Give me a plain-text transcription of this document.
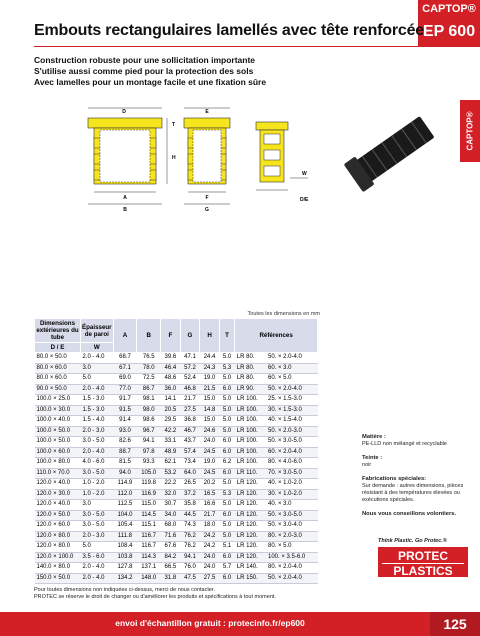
CAPTOP®
EP 600
Embouts rectangulaires lamellés avec tête renforcée
Construction robuste pour une sollicitation importante
S'utilise aussi comme pied pour la protection des sols
Avec lamelles pour un montage facile et une fixation sûre
CAPTOP®
D
T
H
A
B
E
F
G
W
D/E
Toutes les dimensions en mm
Dimensions extérieures du tube	Épaisseur de paroi	A	B	F	G	H	T	Références	
D / E	W								
80.0 × 50.0	2.0 - 4.0	68.7	76.5	39.6	47.1	24.4	5.0	LR 80.	50. × 2.0-4.0
80.0 × 60.0	3.0	67.1	78.0	46.4	57.2	24.3	5.3	LR 80.	60. × 3.0
80.0 × 60.0	5.0	69.0	72.5	48.6	52.4	19.0	5.0	LR 80.	60. × 5.0
90.0 × 50.0	2.0 - 4.0	77.0	86.7	36.0	46.8	21.5	6.0	LR 90.	50. × 2.0-4.0
100.0 × 25.0	1.5 - 3.0	91.7	98.1	14.1	21.7	15.0	5.0	LR 100.	25. × 1.5-3.0
100.0 × 30.0	1.5 - 3.0	91.5	98.0	20.5	27.5	14.8	5.0	LR 100.	30. × 1.5-3.0
100.0 × 40.0	1.5 - 4.0	91.4	98.6	29.5	36.8	15.0	5.0	LR 100.	40. × 1.5-4.0
100.0 × 50.0	2.0 - 3.0	93.0	96.7	42.2	46.7	24.6	5.0	LR 100.	50. × 2.0-3.0
100.0 × 50.0	3.0 - 5.0	82.6	94.1	33.1	43.7	24.0	6.0	LR 100.	50. × 3.0-5.0
100.0 × 60.0	2.0 - 4.0	88.7	97.8	48.9	57.4	24.5	6.0	LR 100.	60. × 2.0-4.0
100.0 × 80.0	4.0 - 6.0	81.5	93.3	62.1	73.4	19.0	6.2	LR 100.	80. × 4.0-6.0
110.0 × 70.0	3.0 - 5.0	94.0	105.0	53.2	64.0	24.5	6.0	LR 110.	70. × 3.0-5.0
120.0 × 40.0	1.0 - 2.0	114.9	119.8	22.2	26.5	20.2	5.0	LR 120.	40. × 1.0-2.0
120.0 × 30.0	1.0 - 2.0	112.0	116.9	32.0	37.2	16.5	5.3	LR 120.	30. × 1.0-2.0
120.0 × 40.0	3.0	112.5	115.0	30.7	35.8	16.6	5.0	LR 120.	40. × 3.0
120.0 × 50.0	3.0 - 5.0	104.0	114.5	34.0	44.5	21.7	6.0	LR 120.	50. × 3.0-5.0
120.0 × 60.0	3.0 - 5.0	105.4	115.1	68.0	74.3	18.0	5.0	LR 120.	50. × 3.0-4.0
120.0 × 80.0	2.0 - 3.0	111.8	116.7	71.6	76.2	24.2	5.0	LR 120.	80. × 2.0-3.0
120.0 × 80.0	5.0	108.4	116.7	67.6	76.2	24.2	5.1	LR 120.	80. × 5.0
120.0 × 100.0	3.5 - 6.0	103.8	114.3	84.2	94.1	24.0	6.0	LR 120.	100. × 3.5-6.0
140.0 × 80.0	2.0 - 4.0	127.8	137.1	66.5	76.0	24.0	5.7	LR 140.	80. × 2.0-4.0
150.0 × 50.0	2.0 - 4.0	134.2	148.0	31.8	47.5	27.5	6.0	LR 150.	50. × 2.0-4.0
Matière :
PE-LLD non mélangé et recyclable
Teinte :
noir
Fabrications spéciales:
Sur demande : autres dimensions, pièces résistant à des températures élevées ou exécutions spéciales.
Nous vous conseillons volontiers.
Think Plastic. Go Protec.®
PROTEC
PLASTICS
Pour toutes dimensions non indiquées ci-dessus, merci de nous contacter.
PROTEC se réserve le droit de changer ou d'améliorer les produits et spécifications à tout moment.
envoi d'échantillon gratuit : protecinfo.fr/ep600	125
